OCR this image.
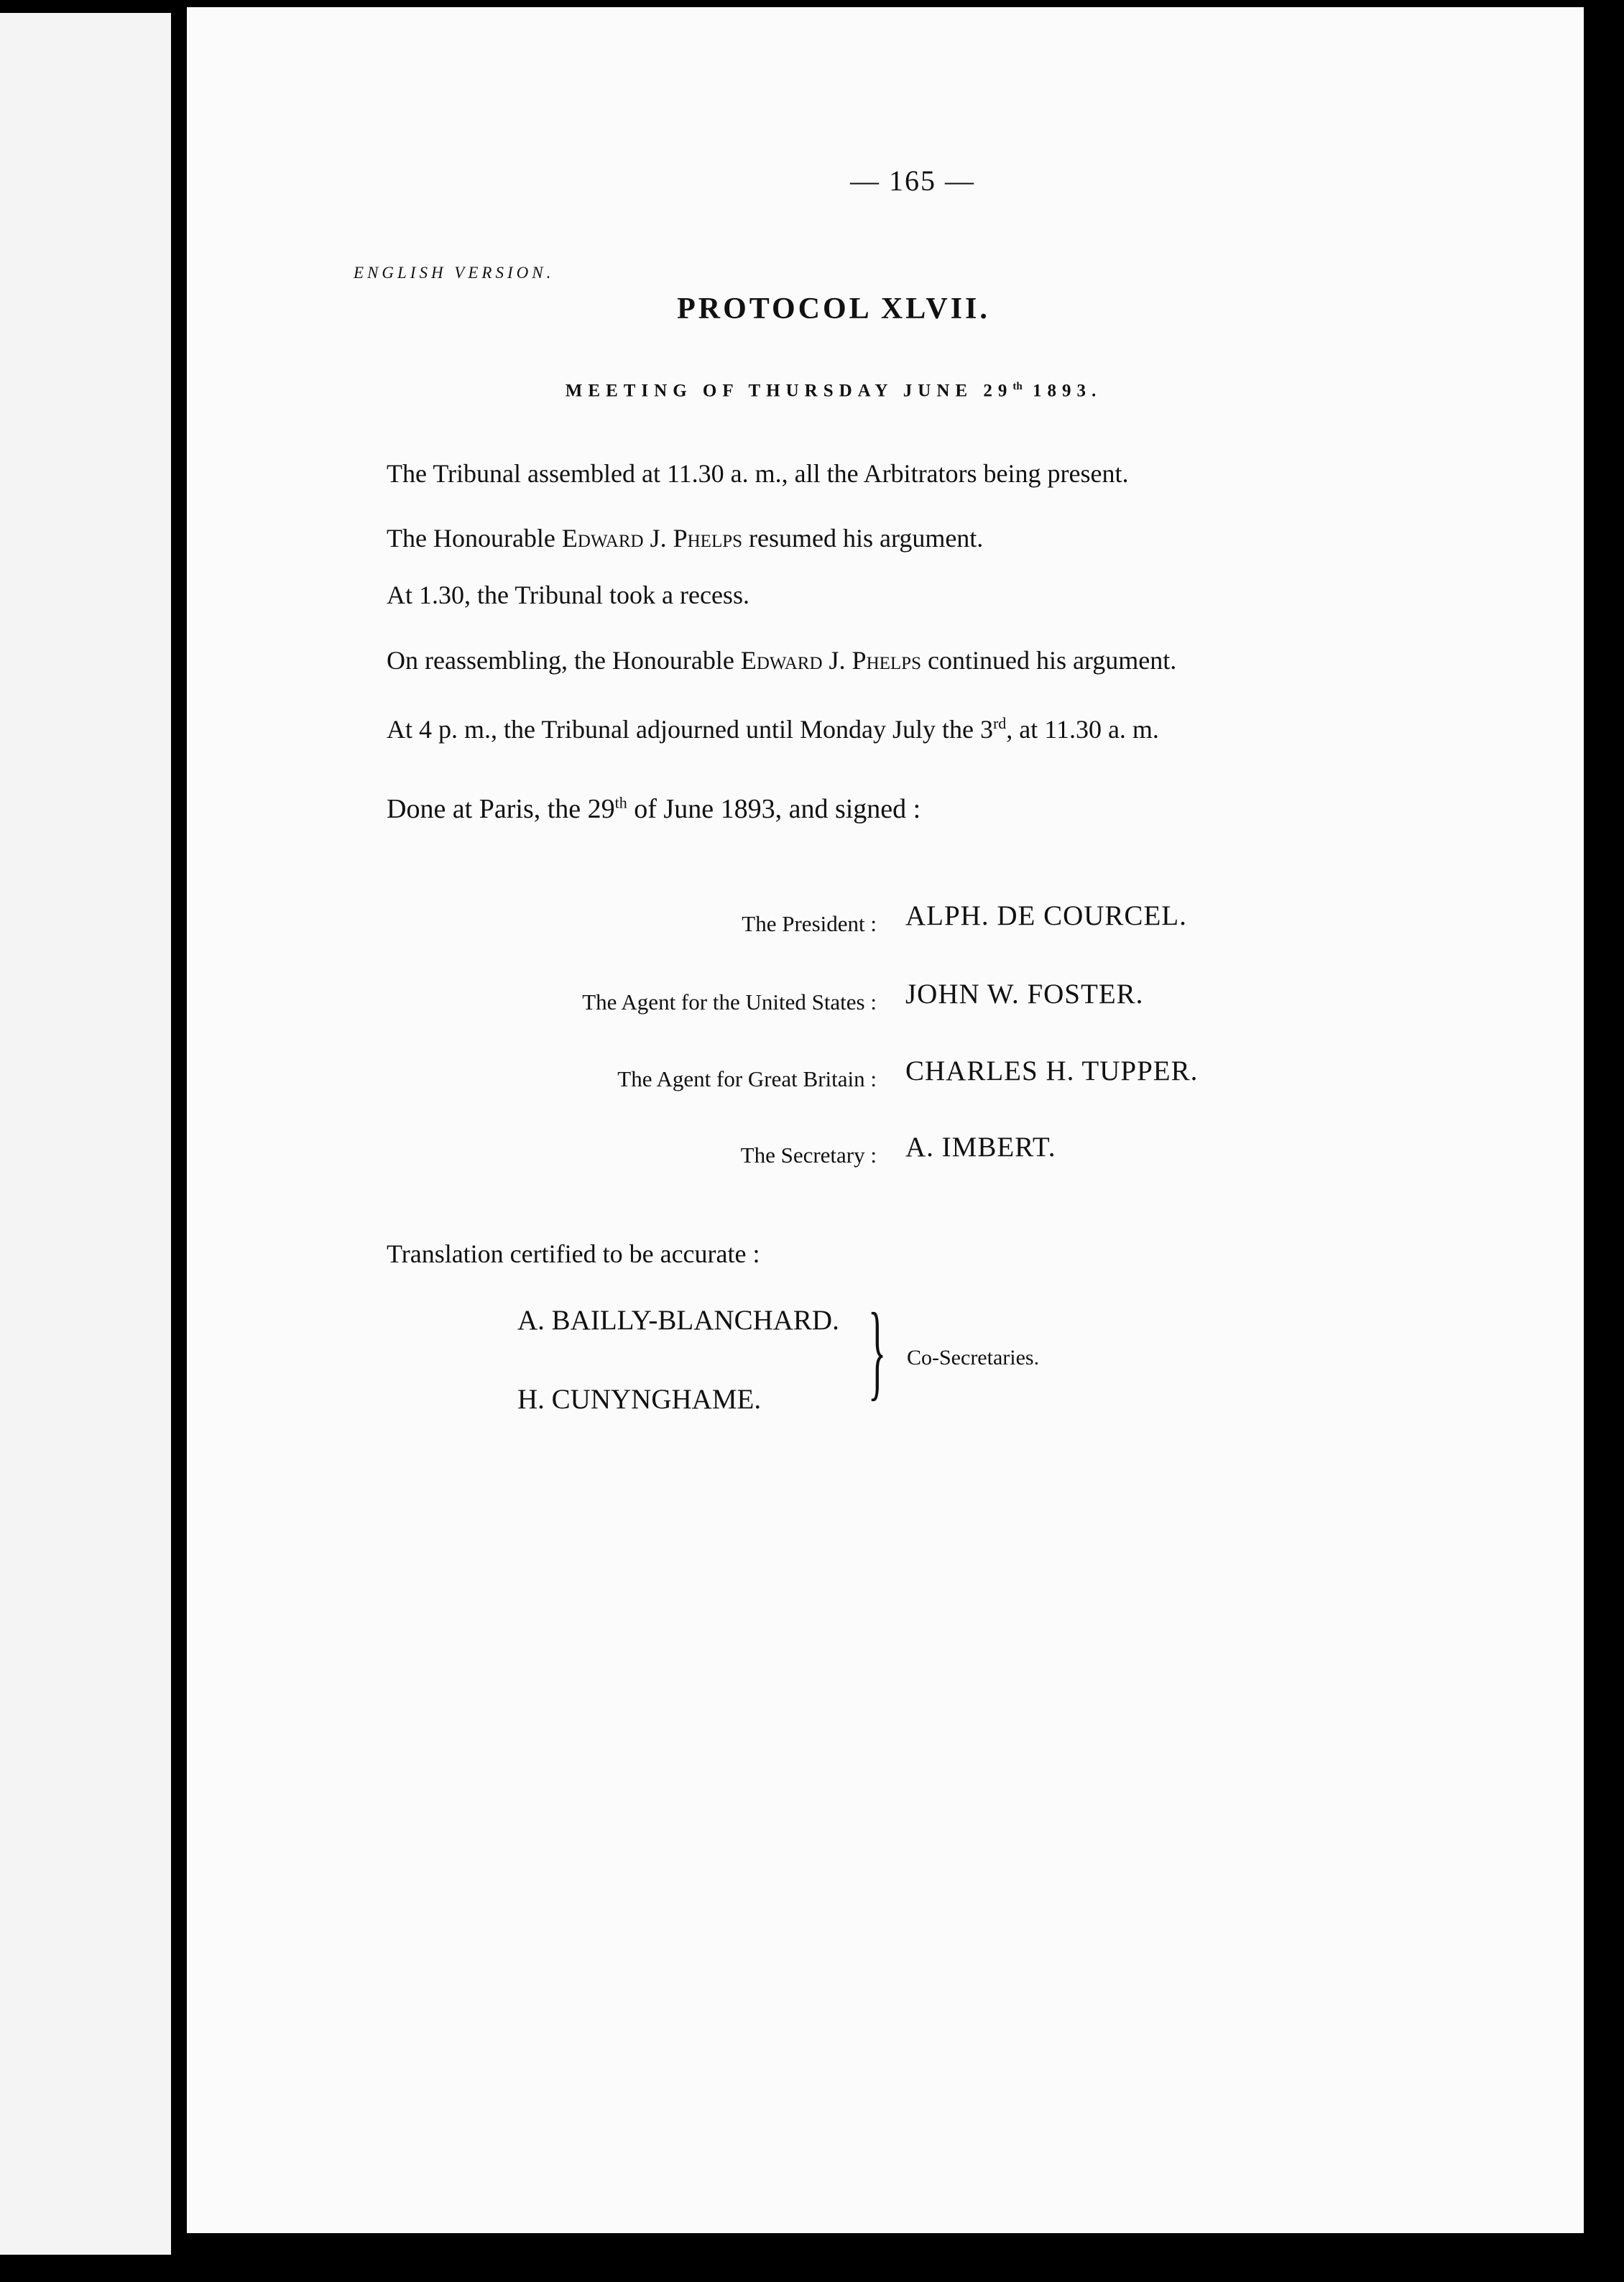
— 165 —
ENGLISH VERSION.
PROTOCOL XLVII.
MEETING OF THURSDAY JUNE 29th 1893.
The Tribunal assembled at 11.30 a. m., all the Arbitrators being present.
The Honourable Edward J. Phelps resumed his argument.
At 1.30, the Tribunal took a recess.
On reassembling, the Honourable Edward J. Phelps continued his argument.
At 4 p. m., the Tribunal adjourned until Monday July the 3rd, at 11.30 a. m.
Done at Paris, the 29th of June 1893, and signed :
The President : ALPH. DE COURCEL.
The Agent for the United States : JOHN W. FOSTER.
The Agent for Great Britain : CHARLES H. TUPPER.
The Secretary : A. IMBERT.
Translation certified to be accurate :
A. BAILLY-BLANCHARD.
H. CUNYNGHAME. } Co-Secretaries.
